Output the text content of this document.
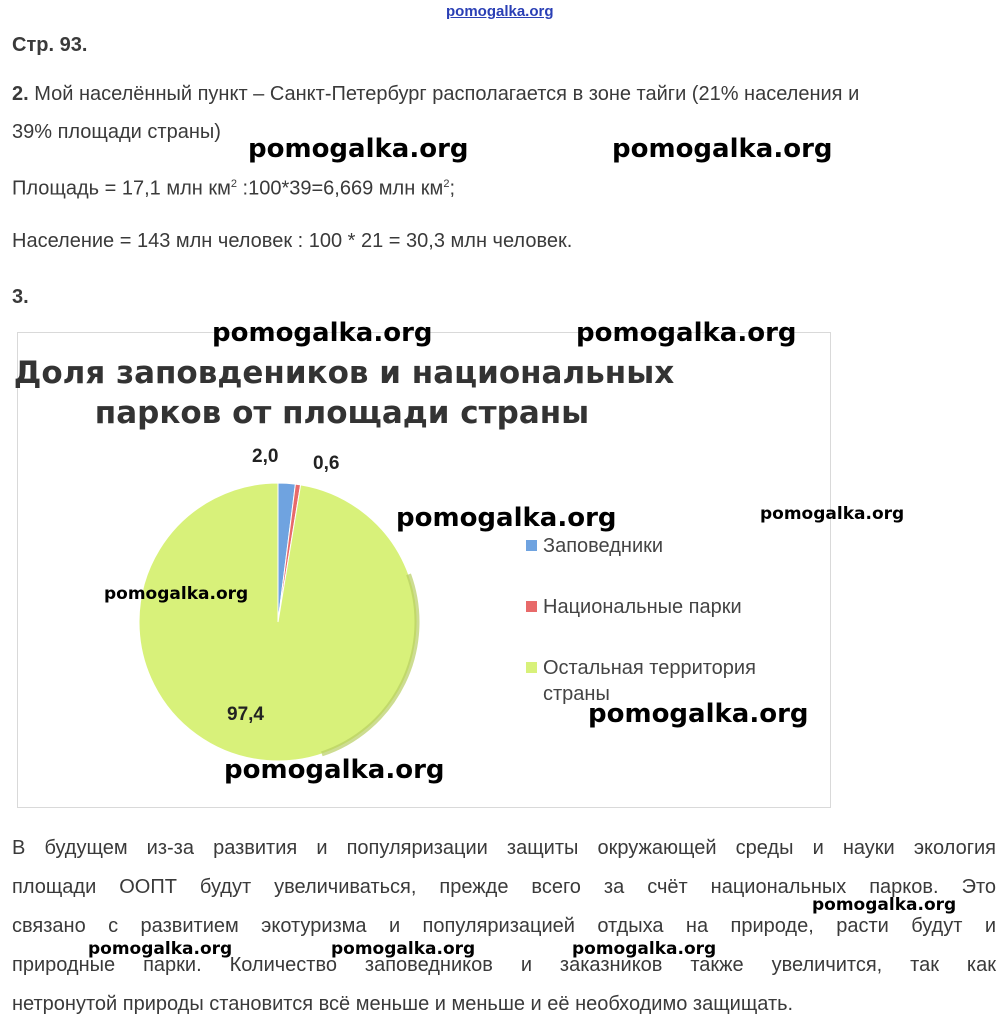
pomogalka.org
Стр. 93.
2. Мой населённый пункт – Санкт-Петербург располагается в зоне тайги (21% населения и
39% площади страны)
Площадь = 17,1 млн $км^2$ :100*39=6,669 млн $км^2$;
Население = 143 млн человек : 100 * 21 = 30,3 млн человек.
3.
Доля заповдеников и национальных
парков от площади страны
2,0 0,6
97,4
Заповедники
Национальные парки
Остальная территория
страны
В будущем из-за развития и популяризации защиты окружающей среды и науки экология
площади ООПТ будут увеличиваться, прежде всего за счёт национальных парков. Это
связано с развитием экотуризма и популяризацией отдыха на природе, расти будут и
природные парки. Количество заповедников и заказников также увеличится, так как
нетронутой природы становится всё меньше и меньше и её необходимо защищать.
pomogalka.org	pomogalka.org
pomogalka.org	pomogalka.org
pomogalka.org	pomogalka.org
pomogalka.org
pomogalka.org
pomogalka.org
pomogalka.org
pomogalka.org	pomogalka.org	pomogalka.org
